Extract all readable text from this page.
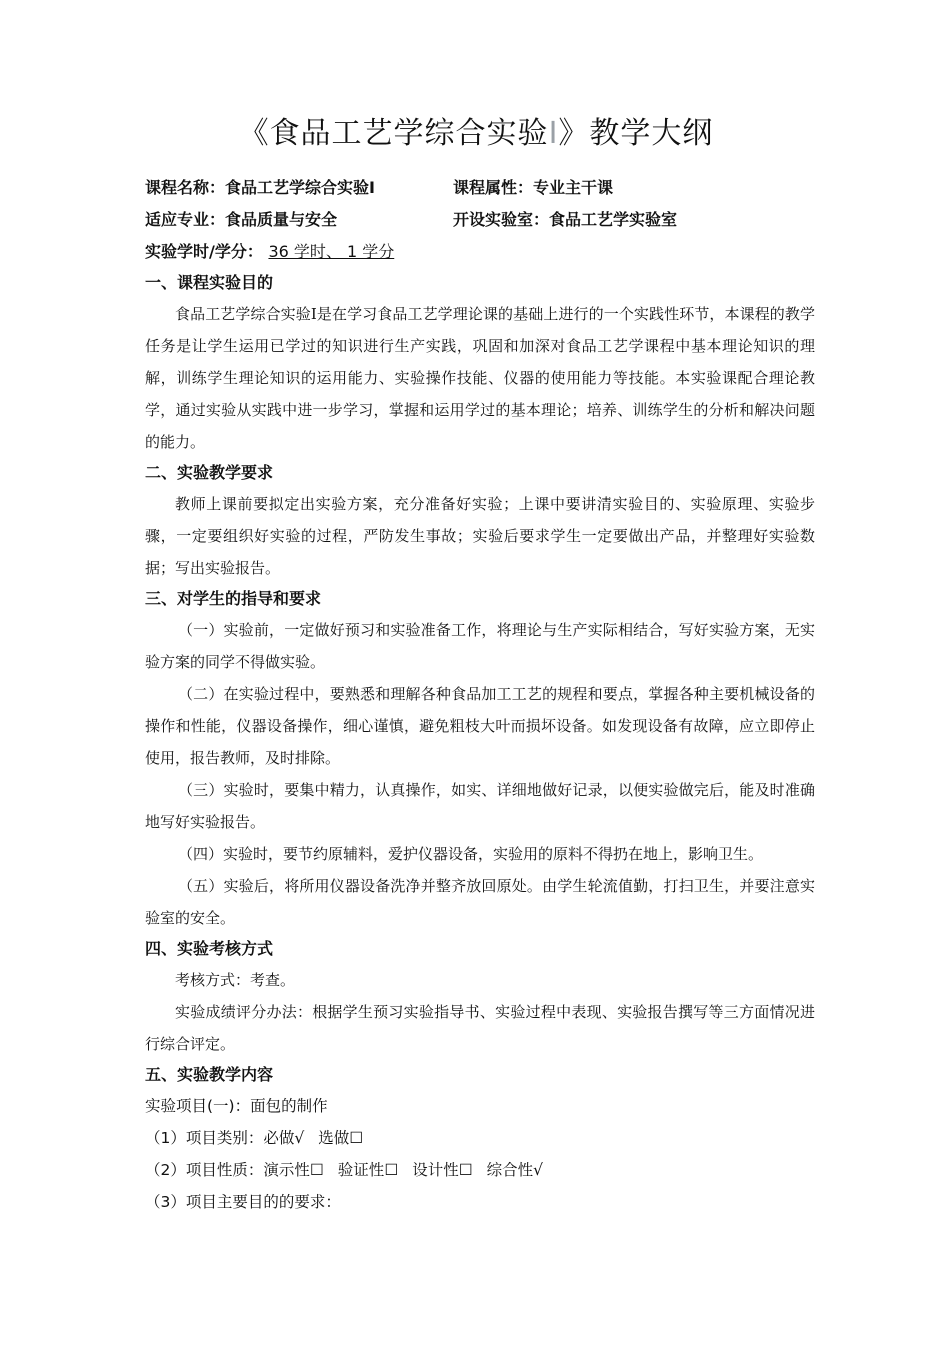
《食品工艺学综合实验Ⅰ》教学大纲
课程名称：食品工艺学综合实验Ⅰ	课程属性：专业主干课
适应专业：食品质量与安全	开设实验室：食品工艺学实验室
实验学时/学分： 36 学时、 1 学分
一、课程实验目的

食品工艺学综合实验Ⅰ是在学习食品工艺学理论课的基础上进行的一个实践性环节，本课程的教学任务是让学生运用已学过的知识进行生产实践，巩固和加深对食品工艺学课程中基本理论知识的理解，训练学生理论知识的运用能力、实验操作技能、仪器的使用能力等技能。本实验课配合理论教学，通过实验从实践中进一步学习，掌握和运用学过的基本理论；培养、训练学生的分析和解决问题的能力。

二、实验教学要求

教师上课前要拟定出实验方案，充分准备好实验；上课中要讲清实验目的、实验原理、实验步骤，一定要组织好实验的过程，严防发生事故；实验后要求学生一定要做出产品，并整理好实验数据；写出实验报告。

三、对学生的指导和要求

（一）实验前，一定做好预习和实验准备工作，将理论与生产实际相结合，写好实验方案，无实验方案的同学不得做实验。

（二）在实验过程中，要熟悉和理解各种食品加工工艺的规程和要点，掌握各种主要机械设备的操作和性能，仪器设备操作，细心谨慎，避免粗枝大叶而损坏设备。如发现设备有故障，应立即停止使用，报告教师，及时排除。

（三）实验时，要集中精力，认真操作，如实、详细地做好记录，以便实验做完后，能及时准确地写好实验报告。

（四）实验时，要节约原辅料，爱护仪器设备，实验用的原料不得扔在地上，影响卫生。

（五）实验后，将所用仪器设备洗净并整齐放回原处。由学生轮流值勤，打扫卫生，并要注意实验室的安全。

四、实验考核方式

考核方式：考查。

实验成绩评分办法：根据学生预习实验指导书、实验过程中表现、实验报告撰写等三方面情况进行综合评定。

五、实验教学内容
实验项目(一)：面包的制作
（1）项目类别：必做√ 选做☐
（2）项目性质：演示性☐ 验证性☐ 设计性☐ 综合性√
（3）项目主要目的的要求：
